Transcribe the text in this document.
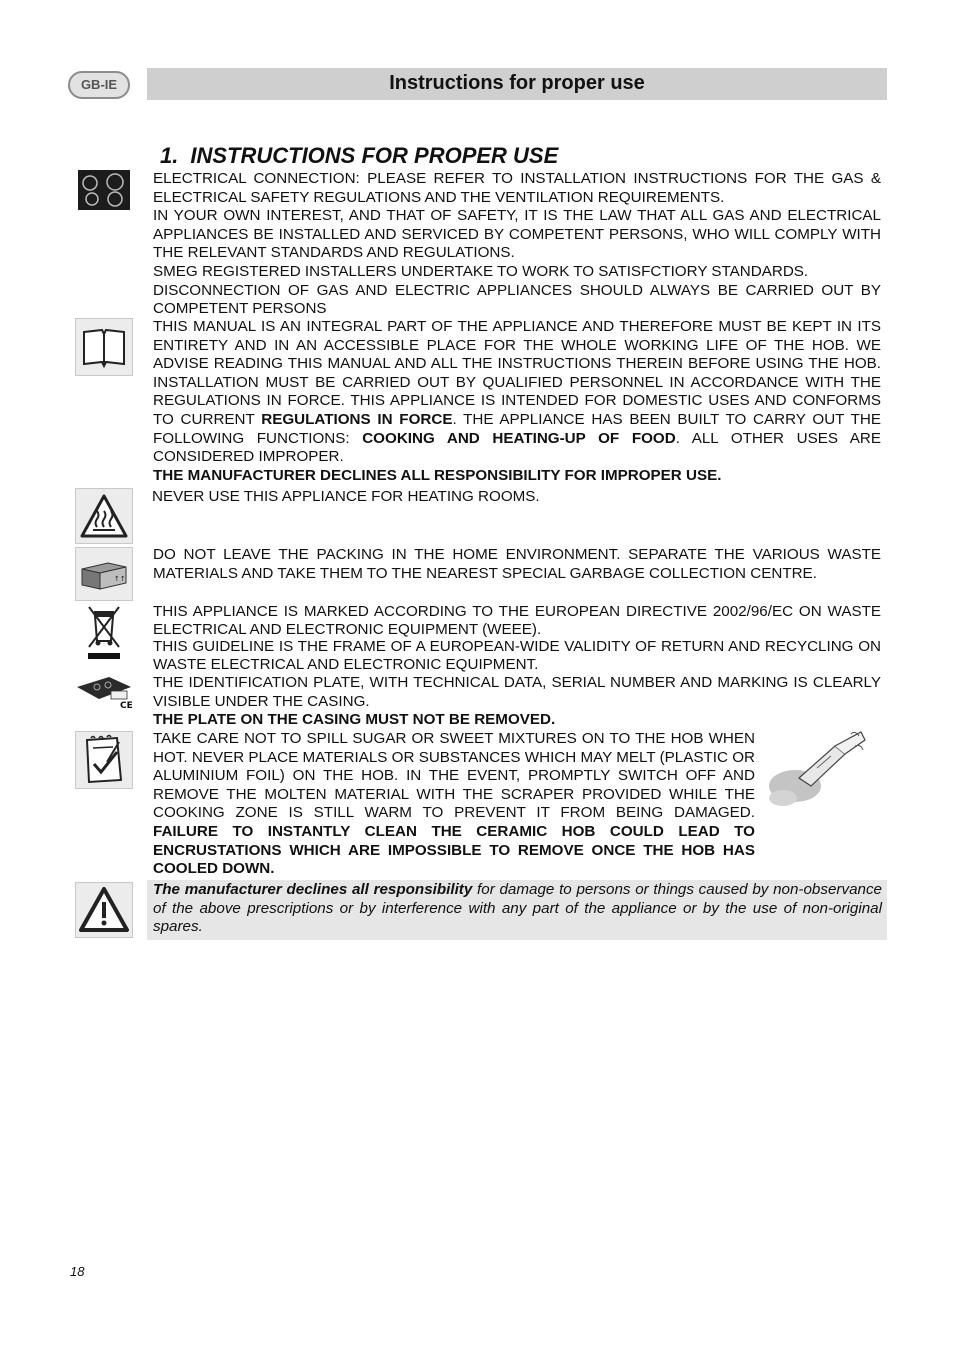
GB-IE	Instructions for proper use
1. INSTRUCTIONS FOR PROPER USE
↑↑
CE

ELECTRICAL CONNECTION: PLEASE REFER TO INSTALLATION INSTRUCTIONS FOR THE GAS & ELECTRICAL SAFETY REGULATIONS AND THE VENTILATION REQUIREMENTS.

IN YOUR OWN INTEREST, AND THAT OF SAFETY, IT IS THE LAW THAT ALL GAS AND ELECTRICAL APPLIANCES BE INSTALLED AND SERVICED BY COMPETENT PERSONS, WHO WILL COMPLY WITH THE RELEVANT STANDARDS AND REGULATIONS.

SMEG REGISTERED INSTALLERS UNDERTAKE TO WORK TO SATISFCTIORY STANDARDS.

DISCONNECTION OF GAS AND ELECTRIC APPLIANCES SHOULD ALWAYS BE CARRIED OUT BY COMPETENT PERSONS

THIS MANUAL IS AN INTEGRAL PART OF THE APPLIANCE AND THEREFORE MUST BE KEPT IN ITS ENTIRETY AND IN AN ACCESSIBLE PLACE FOR THE WHOLE WORKING LIFE OF THE HOB. WE ADVISE READING THIS MANUAL AND ALL THE INSTRUCTIONS THEREIN BEFORE USING THE HOB. INSTALLATION MUST BE CARRIED OUT BY QUALIFIED PERSONNEL IN ACCORDANCE WITH THE REGULATIONS IN FORCE. THIS APPLIANCE IS INTENDED FOR DOMESTIC USES AND CONFORMS TO CURRENT REGULATIONS IN FORCE. THE APPLIANCE HAS BEEN BUILT TO CARRY OUT THE FOLLOWING FUNCTIONS: COOKING AND HEATING-UP OF FOOD. ALL OTHER USES ARE CONSIDERED IMPROPER.

THE MANUFACTURER DECLINES ALL RESPONSIBILITY FOR IMPROPER USE.

NEVER USE THIS APPLIANCE FOR HEATING ROOMS.
DO NOT LEAVE THE PACKING IN THE HOME ENVIRONMENT. SEPARATE THE VARIOUS WASTE MATERIALS AND TAKE THEM TO THE NEAREST SPECIAL GARBAGE COLLECTION CENTRE.

THIS APPLIANCE IS MARKED ACCORDING TO THE EUROPEAN DIRECTIVE 2002/96/EC ON WASTE ELECTRICAL AND ELECTRONIC EQUIPMENT (WEEE).

THIS GUIDELINE IS THE FRAME OF A EUROPEAN-WIDE VALIDITY OF RETURN AND RECYCLING ON WASTE ELECTRICAL AND ELECTRONIC EQUIPMENT.

THE IDENTIFICATION PLATE, WITH TECHNICAL DATA, SERIAL NUMBER AND MARKING IS CLEARLY VISIBLE UNDER THE CASING.

THE PLATE ON THE CASING MUST NOT BE REMOVED.

TAKE CARE NOT TO SPILL SUGAR OR SWEET MIXTURES ON TO THE HOB WHEN HOT. NEVER PLACE MATERIALS OR SUBSTANCES WHICH MAY MELT (PLASTIC OR ALUMINIUM FOIL) ON THE HOB. IN THE EVENT, PROMPTLY SWITCH OFF AND REMOVE THE MOLTEN MATERIAL WITH THE SCRAPER PROVIDED WHILE THE COOKING ZONE IS STILL WARM TO PREVENT IT FROM BEING DAMAGED. FAILURE TO INSTANTLY CLEAN THE CERAMIC HOB COULD LEAD TO ENCRUSTATIONS WHICH ARE IMPOSSIBLE TO REMOVE ONCE THE HOB HAS COOLED DOWN.
The manufacturer declines all responsibility for damage to persons or things caused by non-observance of the above prescriptions or by interference with any part of the appliance or by the use of non-original spares.
18
